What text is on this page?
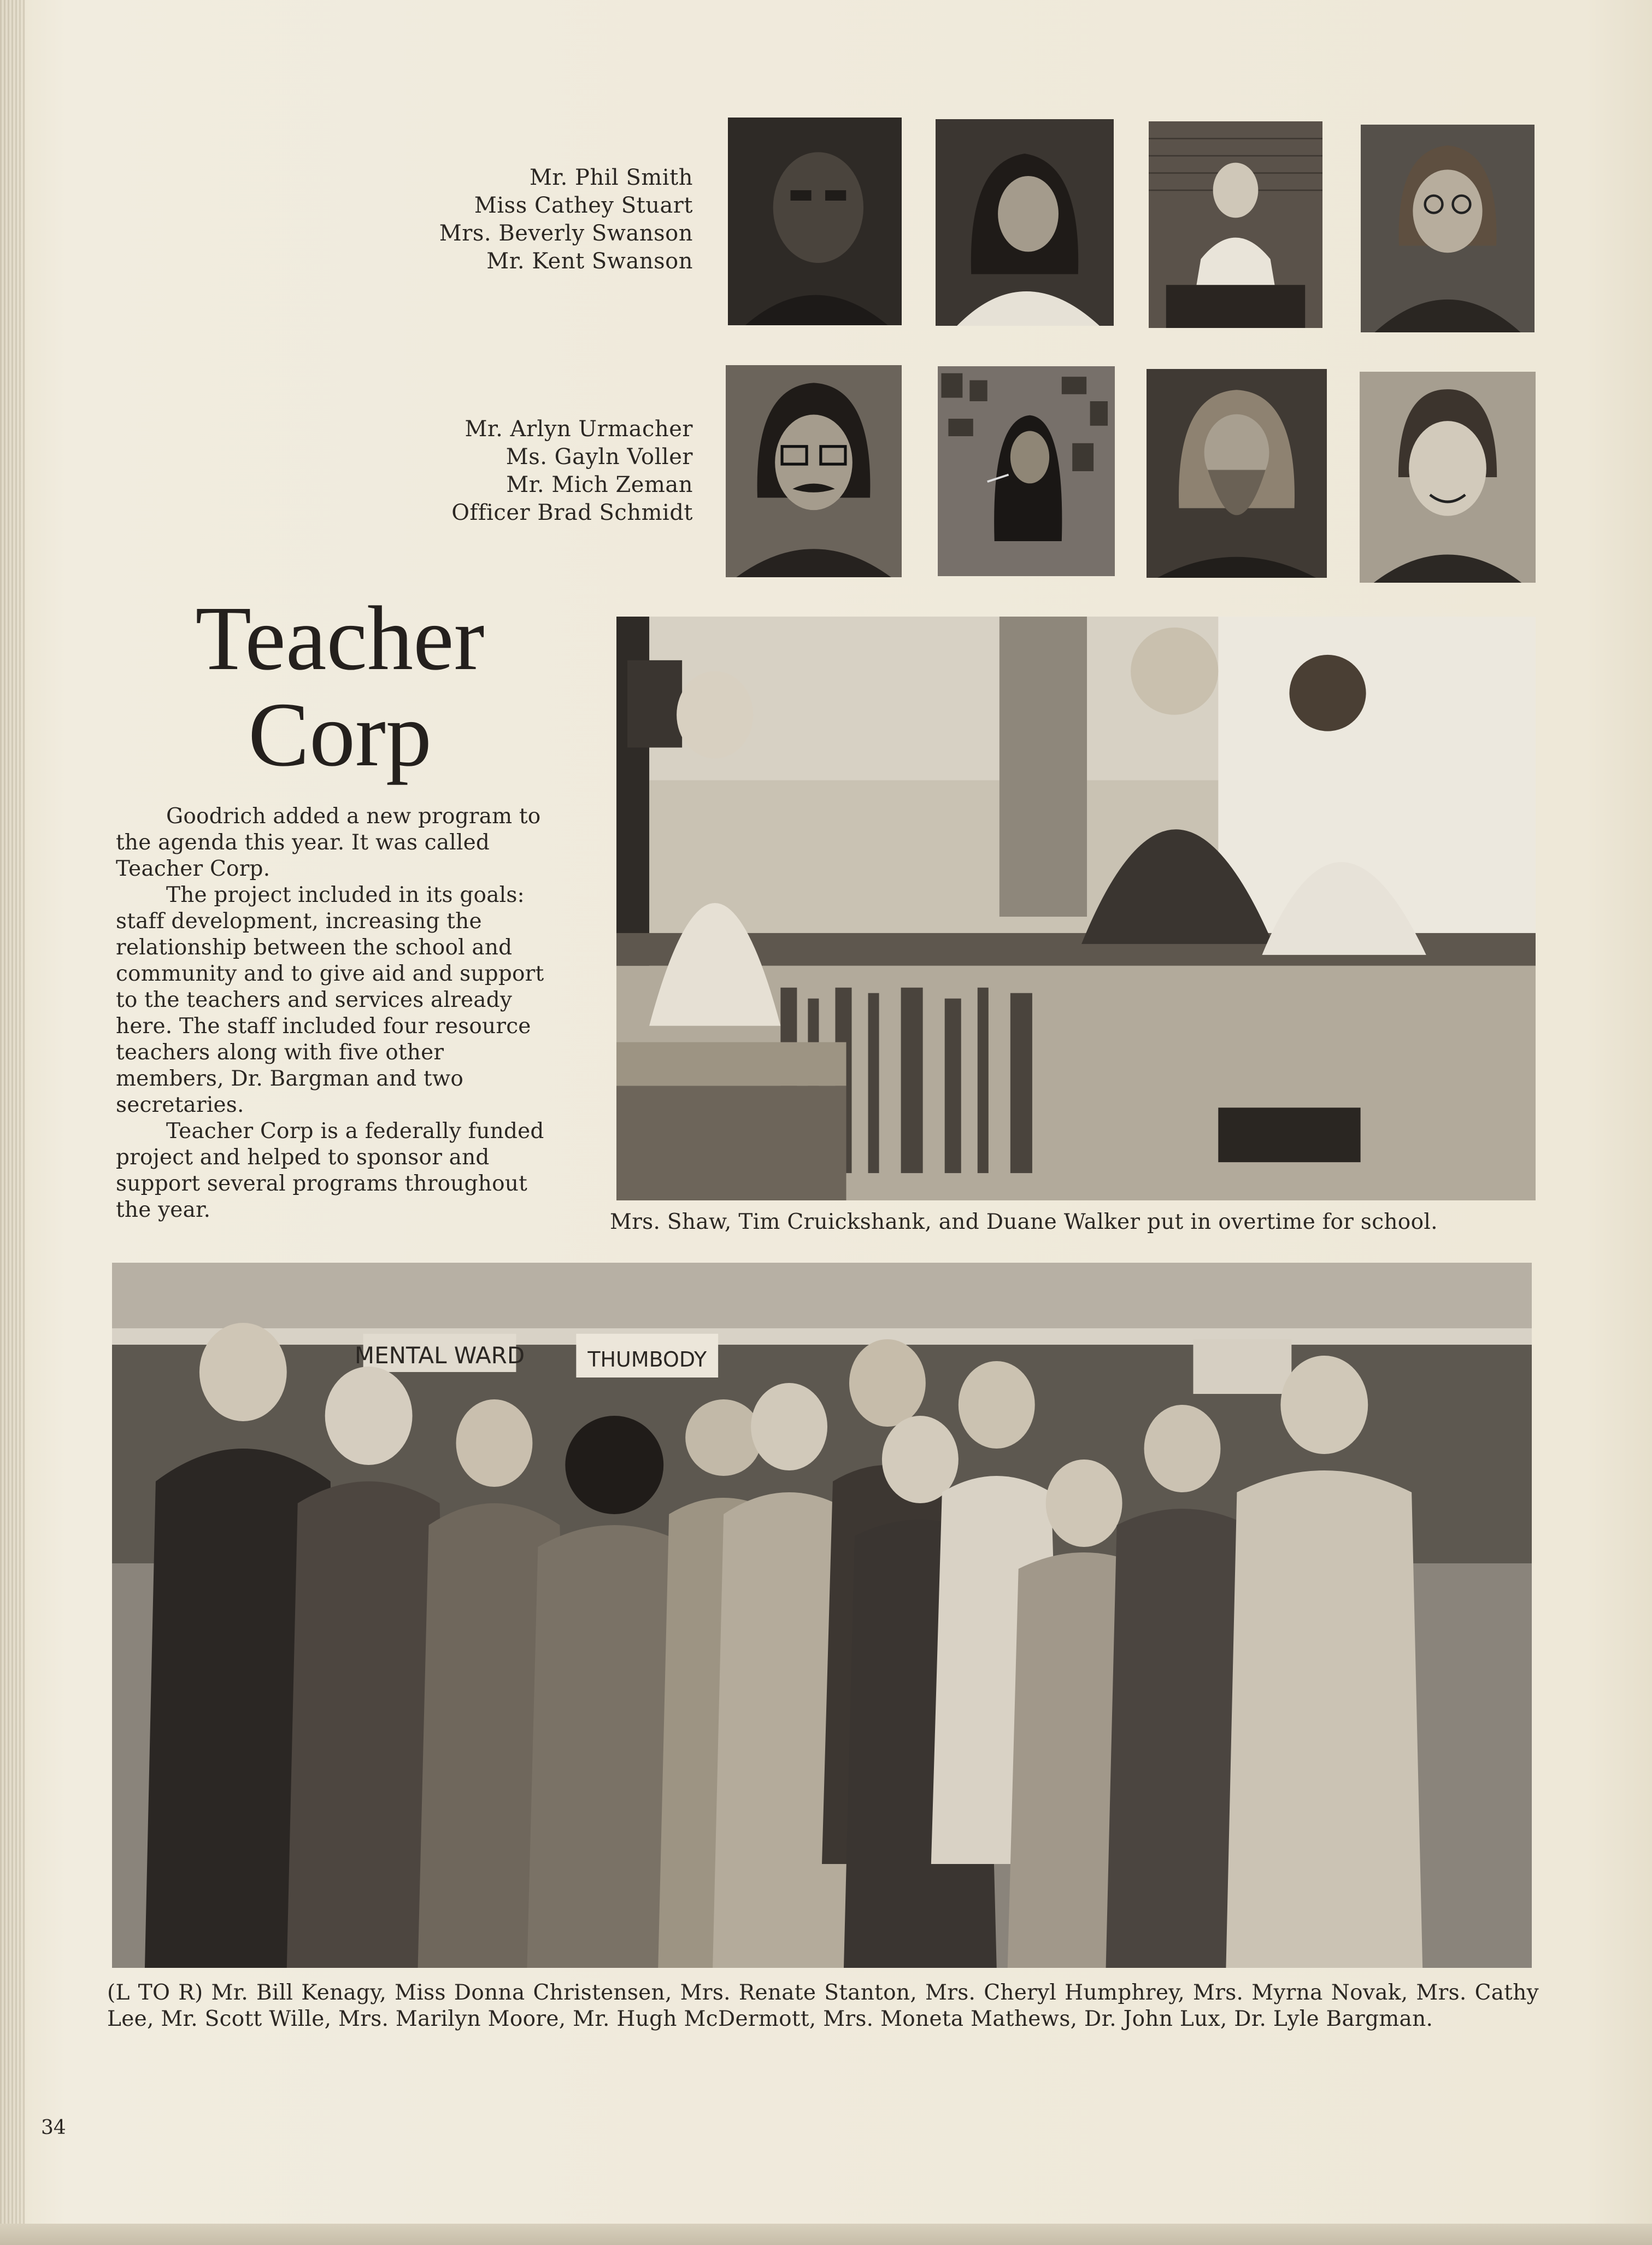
Mr. Phil Smith
Miss Cathey Stuart
Mrs. Beverly Swanson
Mr. Kent Swanson
Mr. Arlyn Urmacher
Ms. Gayln Voller
Mr. Mich Zeman
Officer Brad Schmidt
Teacher
Corp

Goodrich added a new program to the agenda this year. It was called Teacher Corp.

The project included in its goals: staff development, increasing the relationship between the school and community and to give aid and support to the teachers and services already here. The staff included four resource teachers along with five other members, Dr. Bargman and two secretaries.

Teacher Corp is a federally funded project and helped to sponsor and support several programs throughout the year.	Mrs. Shaw, Tim Cruickshank, and Duane Walker put in overtime for school.
MENTAL WARD	THUMBODY
(L TO R) Mr. Bill Kenagy, Miss Donna Christensen, Mrs. Renate Stanton, Mrs. Cheryl Humphrey, Mrs. Myrna Novak, Mrs. Cathy Lee, Mr. Scott Wille, Mrs. Marilyn Moore, Mr. Hugh McDermott, Mrs. Moneta Mathews, Dr. John Lux, Dr. Lyle Bargman.
34
